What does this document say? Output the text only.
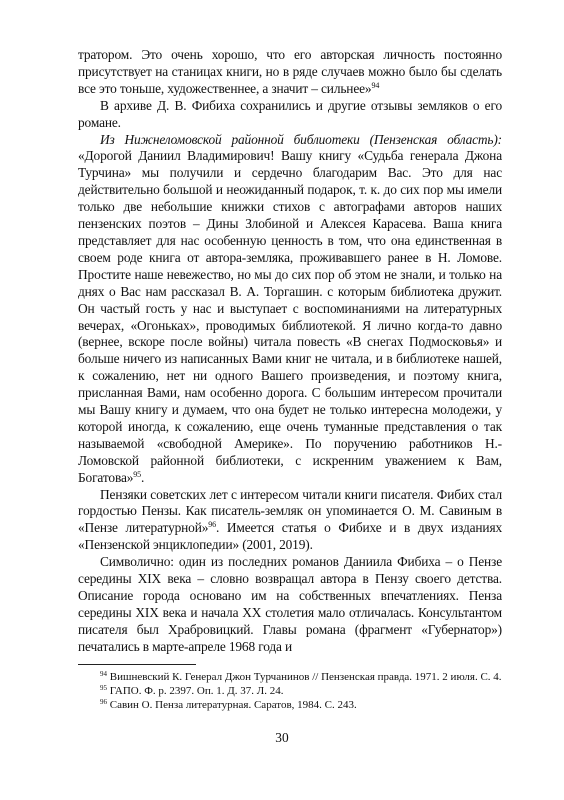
тратором. Это очень хорошо, что его авторская личность постоянно присутствует на станицах книги, но в ряде случаев можно было бы сделать все это тоньше, художественнее, а значит – сильнее»$^{94}$

В архиве Д. В. Фибиха сохранились и другие отзывы земляков о его романе.

Из Нижнеломовской районной библиотеки (Пензенская область): «Дорогой Даниил Владимирович! Вашу книгу «Судьба генерала Джона Турчина» мы получили и сердечно благодарим Вас. Это для нас действительно большой и неожиданный подарок, т. к. до сих пор мы имели только две небольшие книжки стихов с автографами авторов наших пензенских поэтов – Дины Злобиной и Алексея Карасева. Ваша книга представляет для нас особенную ценность в том, что она единственная в своем роде книга от автора-земляка, проживавшего ранее в Н. Ломове. Простите наше невежество, но мы до сих пор об этом не знали, и только на днях о Вас нам рассказал В. А. Торгашин. с которым библиотека дружит. Он частый гость у нас и выступает с воспоминаниями на литературных вечерах, «Огоньках», проводимых библиотекой. Я лично когда-то давно (вернее, вскоре после войны) читала повесть «В снегах Подмосковья» и больше ничего из написанных Вами книг не читала, и в библиотеке нашей, к сожалению, нет ни одного Вашего произведения, и поэтому книга, присланная Вами, нам особенно дорога. С большим интересом прочитали мы Вашу книгу и думаем, что она будет не только интересна молодежи, у которой иногда, к сожалению, еще очень туманные представления о так называемой «свободной Америке». По поручению работников Н.-Ломовской районной библиотеки, с искренним уважением к Вам, Богатова»$^{95}$.

Пензяки советских лет с интересом читали книги писателя. Фибих стал гордостью Пензы. Как писатель-земляк он упоминается О. М. Савиным в «Пензе литературной»$^{96}$. Имеется статья о Фибихе и в двух изданиях «Пензенской энциклопедии» (2001, 2019).

Символично: один из последних романов Даниила Фибиха – о Пензе середины XIX века – словно возвращал автора в Пензу своего детства. Описание города основано им на собственных впечатлениях. Пенза середины XIX века и начала XX столетия мало отличалась. Консультантом писателя был Храбровицкий. Главы романа (фрагмент «Губернатор») печатались в марте-апреле 1968 года и

$^{94}$ Вишневский К. Генерал Джон Турчанинов // Пензенская правда. 1971. 2 июля. С. 4.

$^{95}$ ГАПО. Ф. р. 2397. Оп. 1. Д. 37. Л. 24.

$^{96}$ Савин О. Пенза литературная. Саратов, 1984. С. 243.

30
